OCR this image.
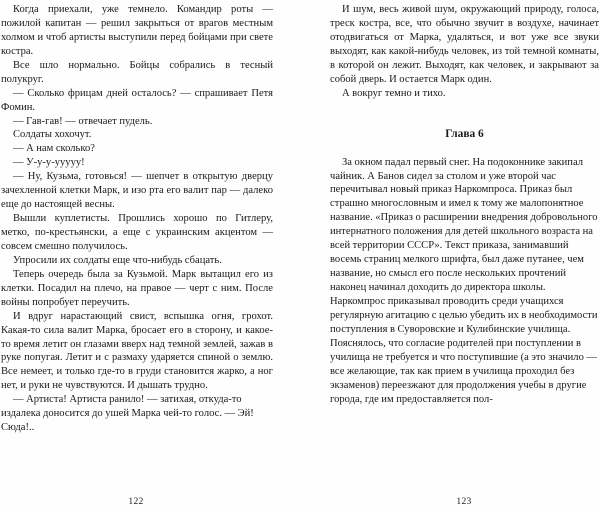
Когда приехали, уже темнело. Командир роты — пожилой капитан — решил закрыться от врагов местным холмом и чтоб артисты выступили перед бойцами при свете костра.

Все шло нормально. Бойцы собрались в тесный полукруг.

— Сколько фрицам дней осталось? — спрашивает Петя Фомин.

— Гав-гав! — отвечает пудель.

Солдаты хохочут.

— А нам сколько?

— У-у-у-ууууу!

— Ну, Кузьма, готовься! — шепчет в открытую дверцу зачехленной клетки Марк, и изо рта его валит пар — далеко еще до настоящей весны.

Вышли куплетисты. Прошлись хорошо по Гитлеру, метко, по-крестьянски, а еще с украинским акцентом — совсем смешно получилось.

Упросили их солдаты еще что-нибудь сбацать.

Теперь очередь была за Кузьмой. Марк вытащил его из клетки. Посадил на плечо, на правое — черт с ним. После войны попробует переучить.

И вдруг нарастающий свист, вспышка огня, грохот. Какая-то сила валит Марка, бросает его в сторону, и какое-то время летит он глазами вверх над темной землей, зажав в руке попугая. Летит и с размаху ударяется спиной о землю. Все немеет, и только где-то в груди становится жарко, а ног нет, и руки не чувствуются. И дышать трудно.

— Артиста! Артиста ранило! — затихая, откуда-то издалека доносится до ушей Марка чей-то голос. — Эй! Сюда!..

122

И шум, весь живой шум, окружающий природу, голоса, треск костра, все, что обычно звучит в воздухе, начинает отодвигаться от Марка, удаляться, и вот уже все звуки выходят, как какой-нибудь человек, из той темной комнаты, в которой он лежит. Выходят, как человек, и закрывают за собой дверь. И остается Марк один.

А вокруг темно и тихо.

Глава 6

За окном падал первый снег. На подоконнике закипал чайник. А Банов сидел за столом и уже второй час перечитывал новый приказ Наркомпроса. Приказ был страшно многословным и имел к тому же малопонятное название. «Приказ о расширении внедрения добровольного интернатного положения для детей школьного возраста на всей территории СССР». Текст приказа, занимавший восемь страниц мелкого шрифта, был даже путанее, чем название, но смысл его после нескольких прочтений наконец начинал доходить до директора школы. Наркомпрос приказывал проводить среди учащихся регулярную агитацию с целью убедить их в необходимости поступления в Суворовские и Кулибинские училища. Пояснялось, что согласие родителей при поступлении в училища не требуется и что поступившие (а это значило — все желающие, так как прием в училища проходил без экзаменов) переезжают для продолжения учебы в другие города, где им предоставляется пол-

123
